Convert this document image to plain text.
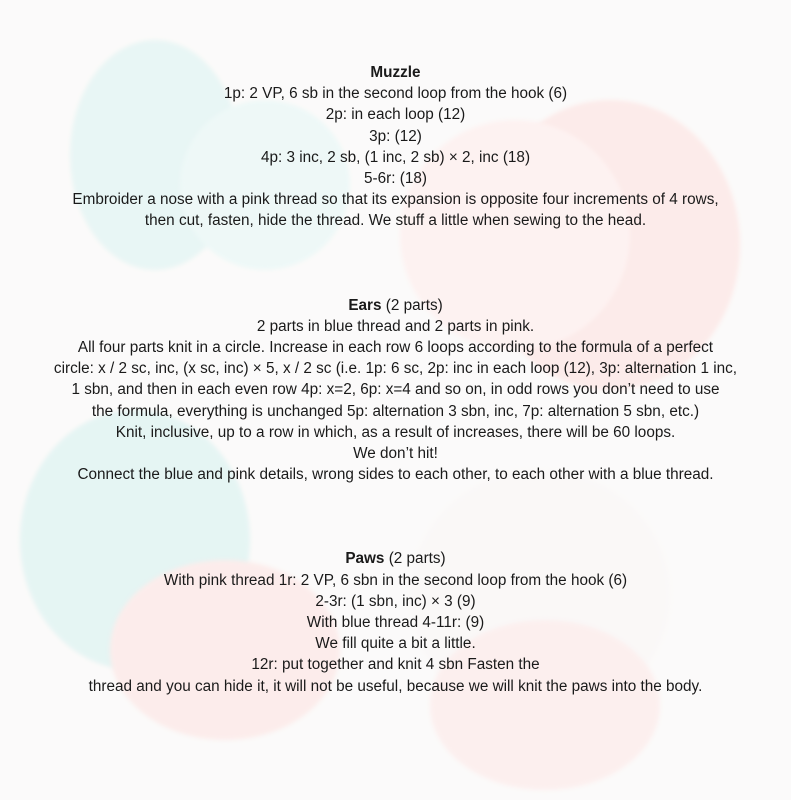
Muzzle
1p: 2 VP, 6 sb in the second loop from the hook (6)
2p: in each loop (12)
3p: (12)
4p: 3 inc, 2 sb, (1 inc, 2 sb) × 2, inc (18)
5-6r: (18)
Embroider a nose with a pink thread so that its expansion is opposite four increments of 4 rows,
then cut, fasten, hide the thread. We stuff a little when sewing to the head.
Ears (2 parts)
2 parts in blue thread and 2 parts in pink.
All four parts knit in a circle. Increase in each row 6 loops according to the formula of a perfect
circle: x / 2 sc, inc, (x sc, inc) × 5, x / 2 sc (i.e. 1p: 6 sc, 2p: inc in each loop (12), 3p: alternation 1 inc,
1 sbn, and then in each even row 4p: x=2, 6p: x=4 and so on, in odd rows you don’t need to use
the formula, everything is unchanged 5p: alternation 3 sbn, inc, 7p: alternation 5 sbn, etc.)
Knit, inclusive, up to a row in which, as a result of increases, there will be 60 loops.
We don’t hit!
Connect the blue and pink details, wrong sides to each other, to each other with a blue thread.
Paws (2 parts)
With pink thread 1r: 2 VP, 6 sbn in the second loop from the hook (6)
2-3r: (1 sbn, inc) × 3 (9)
With blue thread 4-11r: (9)
We fill quite a bit a little.
12r: put together and knit 4 sbn Fasten the
thread and you can hide it, it will not be useful, because we will knit the paws into the body.
